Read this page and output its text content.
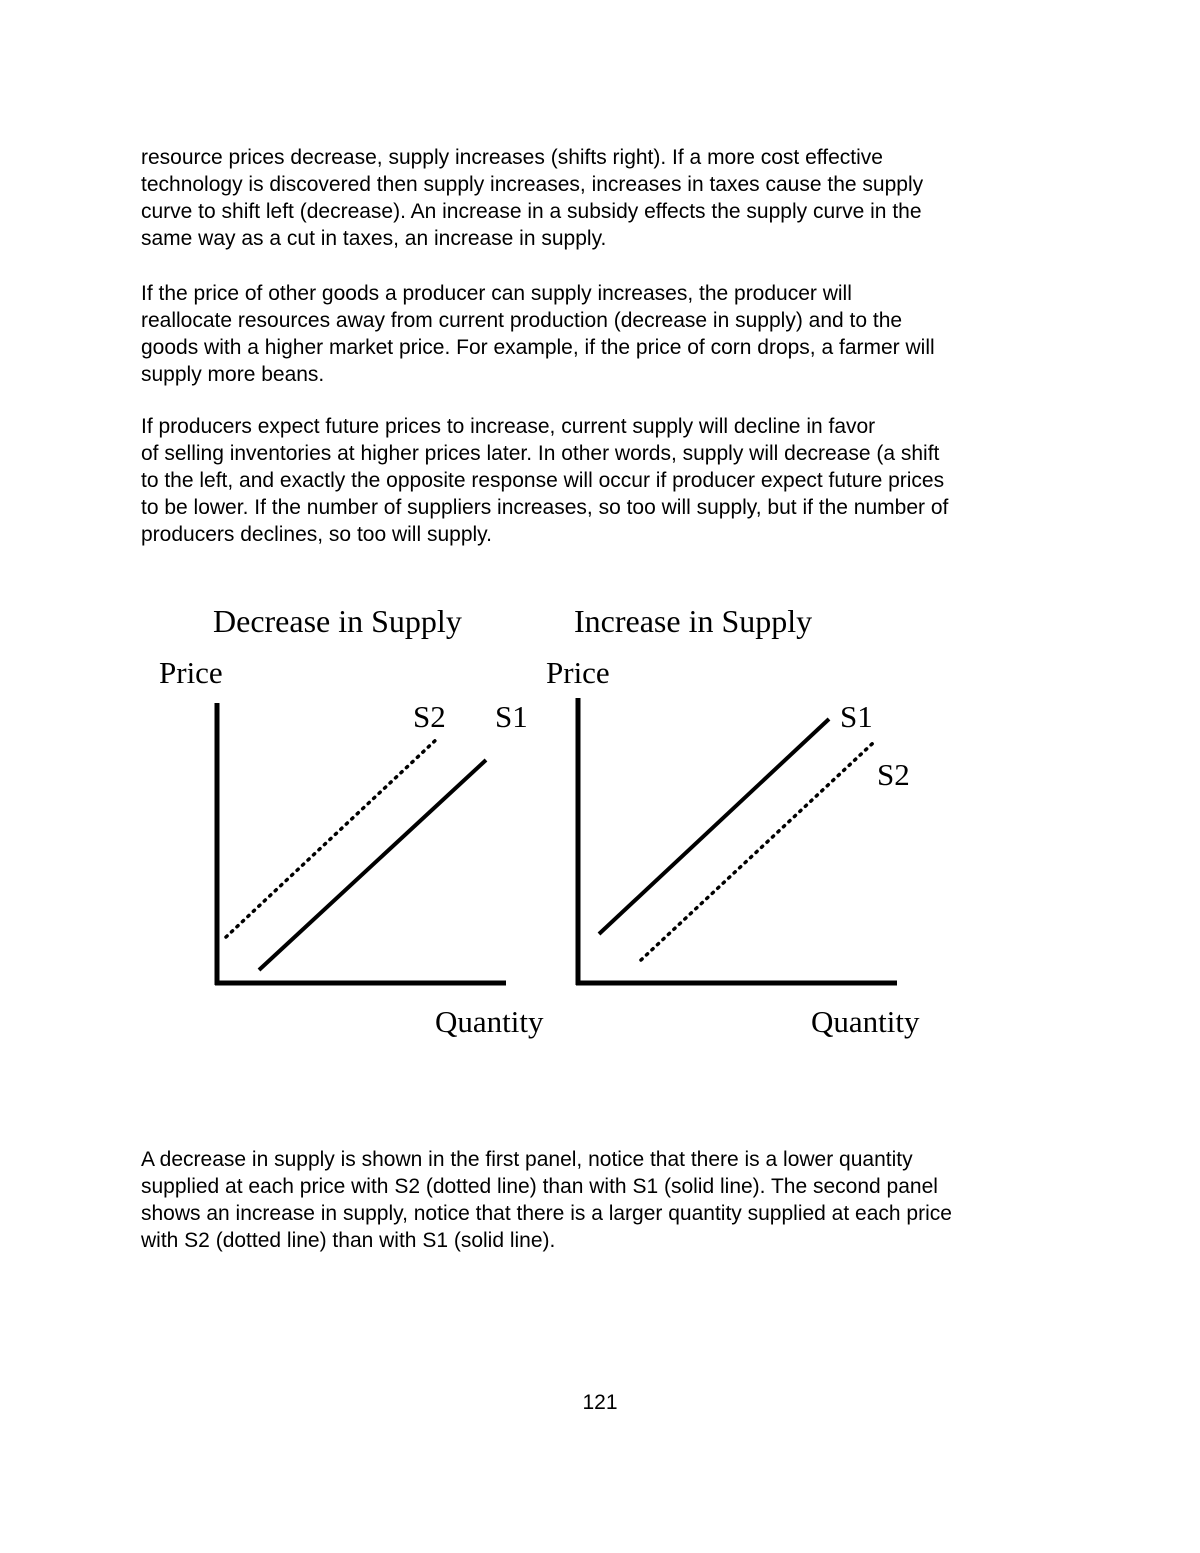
resource prices decrease, supply increases (shifts right). If a more cost effective
technology is discovered then supply increases, increases in taxes cause the supply
curve to shift left (decrease). An increase in a subsidy effects the supply curve in the
same way as a cut in taxes, an increase in supply.

If the price of other goods a producer can supply increases, the producer will
reallocate resources away from current production (decrease in supply) and to the
goods with a higher market price. For example, if the price of corn drops, a farmer will
supply more beans.

If producers expect future prices to increase, current supply will decline in favor
of selling inventories at higher prices later. In other words, supply will decrease (a shift
to the left, and exactly the opposite response will occur if producer expect future prices
to be lower. If the number of suppliers increases, so too will supply, but if the number of
producers declines, so too will supply.

Decrease in Supply
Price
S2 S1
Quantity
Increase in Supply
Price
S1
S2
Quantity

A decrease in supply is shown in the first panel, notice that there is a lower quantity
supplied at each price with S2 (dotted line) than with S1 (solid line). The second panel
shows an increase in supply, notice that there is a larger quantity supplied at each price
with S2 (dotted line) than with S1 (solid line).

121
